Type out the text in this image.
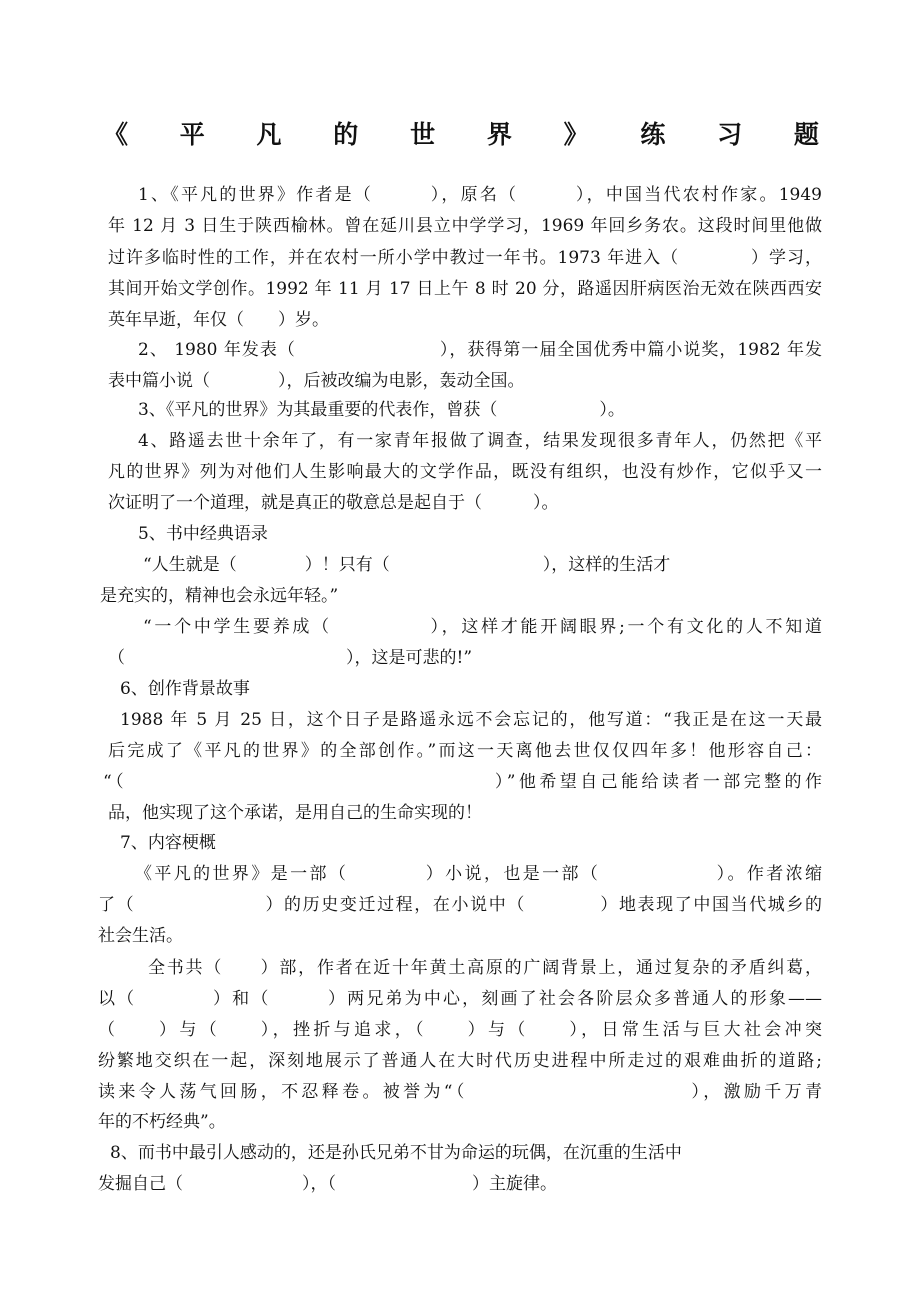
《 平 凡 的 世 界 》 练 习 题
1、《平凡的世界》作者是（　　　），原名（　　　），中国当代农村作家。1949
年 12 月 3 日生于陕西榆林。曾在延川县立中学学习，1969 年回乡务农。这段时间里他做
过许多临时性的工作，并在农村一所小学中教过一年书。1973 年进入（　　　　）学习，
其间开始文学创作。1992 年 11 月 17 日上午 8 时 20 分，路遥因肝病医治无效在陕西西安
英年早逝，年仅（　　）岁。
2、 1980 年发表（　　　　　　　　），获得第一届全国优秀中篇小说奖，1982 年发
表中篇小说（　　　　），后被改编为电影，轰动全国。
3、《平凡的世界》为其最重要的代表作，曾获（　　　　　　）。
4、路遥去世十余年了，有一家青年报做了调查，结果发现很多青年人，仍然把《平
凡的世界》列为对他们人生影响最大的文学作品，既没有组织，也没有炒作，它似乎又一
次证明了一个道理，就是真正的敬意总是起自于（　　　）。
5、书中经典语录
“人生就是（　　　　）！只有（　　　　　　　　　），这样的生活才
是充实的，精神也会永远年轻。”
“一个中学生要养成（　　　　　），这样才能开阔眼界;一个有文化的人不知道
（　　　　　　　　　　　　　），这是可悲的!”
6、创作背景故事
1988 年 5 月 25 日，这个日子是路遥永远不会忘记的，他写道：“我正是在这一天最
后完成了《平凡的世界》的全部创作。”而这一天离他去世仅仅四年多！他形容自己：
“（　　　　　　　　　　　　　　　　　　）”他希望自己能给读者一部完整的作
品，他实现了这个承诺，是用自己的生命实现的！
7、内容梗概
《平凡的世界》是一部（　　　　）小说，也是一部（　　　　　　）。作者浓缩
了（　　　　　　　）的历史变迁过程，在小说中（　　　　）地表现了中国当代城乡的
社会生活。
全书共（　　）部，作者在近十年黄土高原的广阔背景上，通过复杂的矛盾纠葛，
以（　　　　）和（　　　）两兄弟为中心，刻画了社会各阶层众多普通人的形象——
（　　）与（　　），挫折与追求，（　　）与（　　），日常生活与巨大社会冲突
纷繁地交织在一起，深刻地展示了普通人在大时代历史进程中所走过的艰难曲折的道路;
读来令人荡气回肠，不忍释卷。被誉为“（　　　　　　　　　　　），激励千万青
年的不朽经典”。
8、而书中最引人感动的，还是孙氏兄弟不甘为命运的玩偶，在沉重的生活中
发掘自己（　　　　　　　），（　　　　　　　　）主旋律。
